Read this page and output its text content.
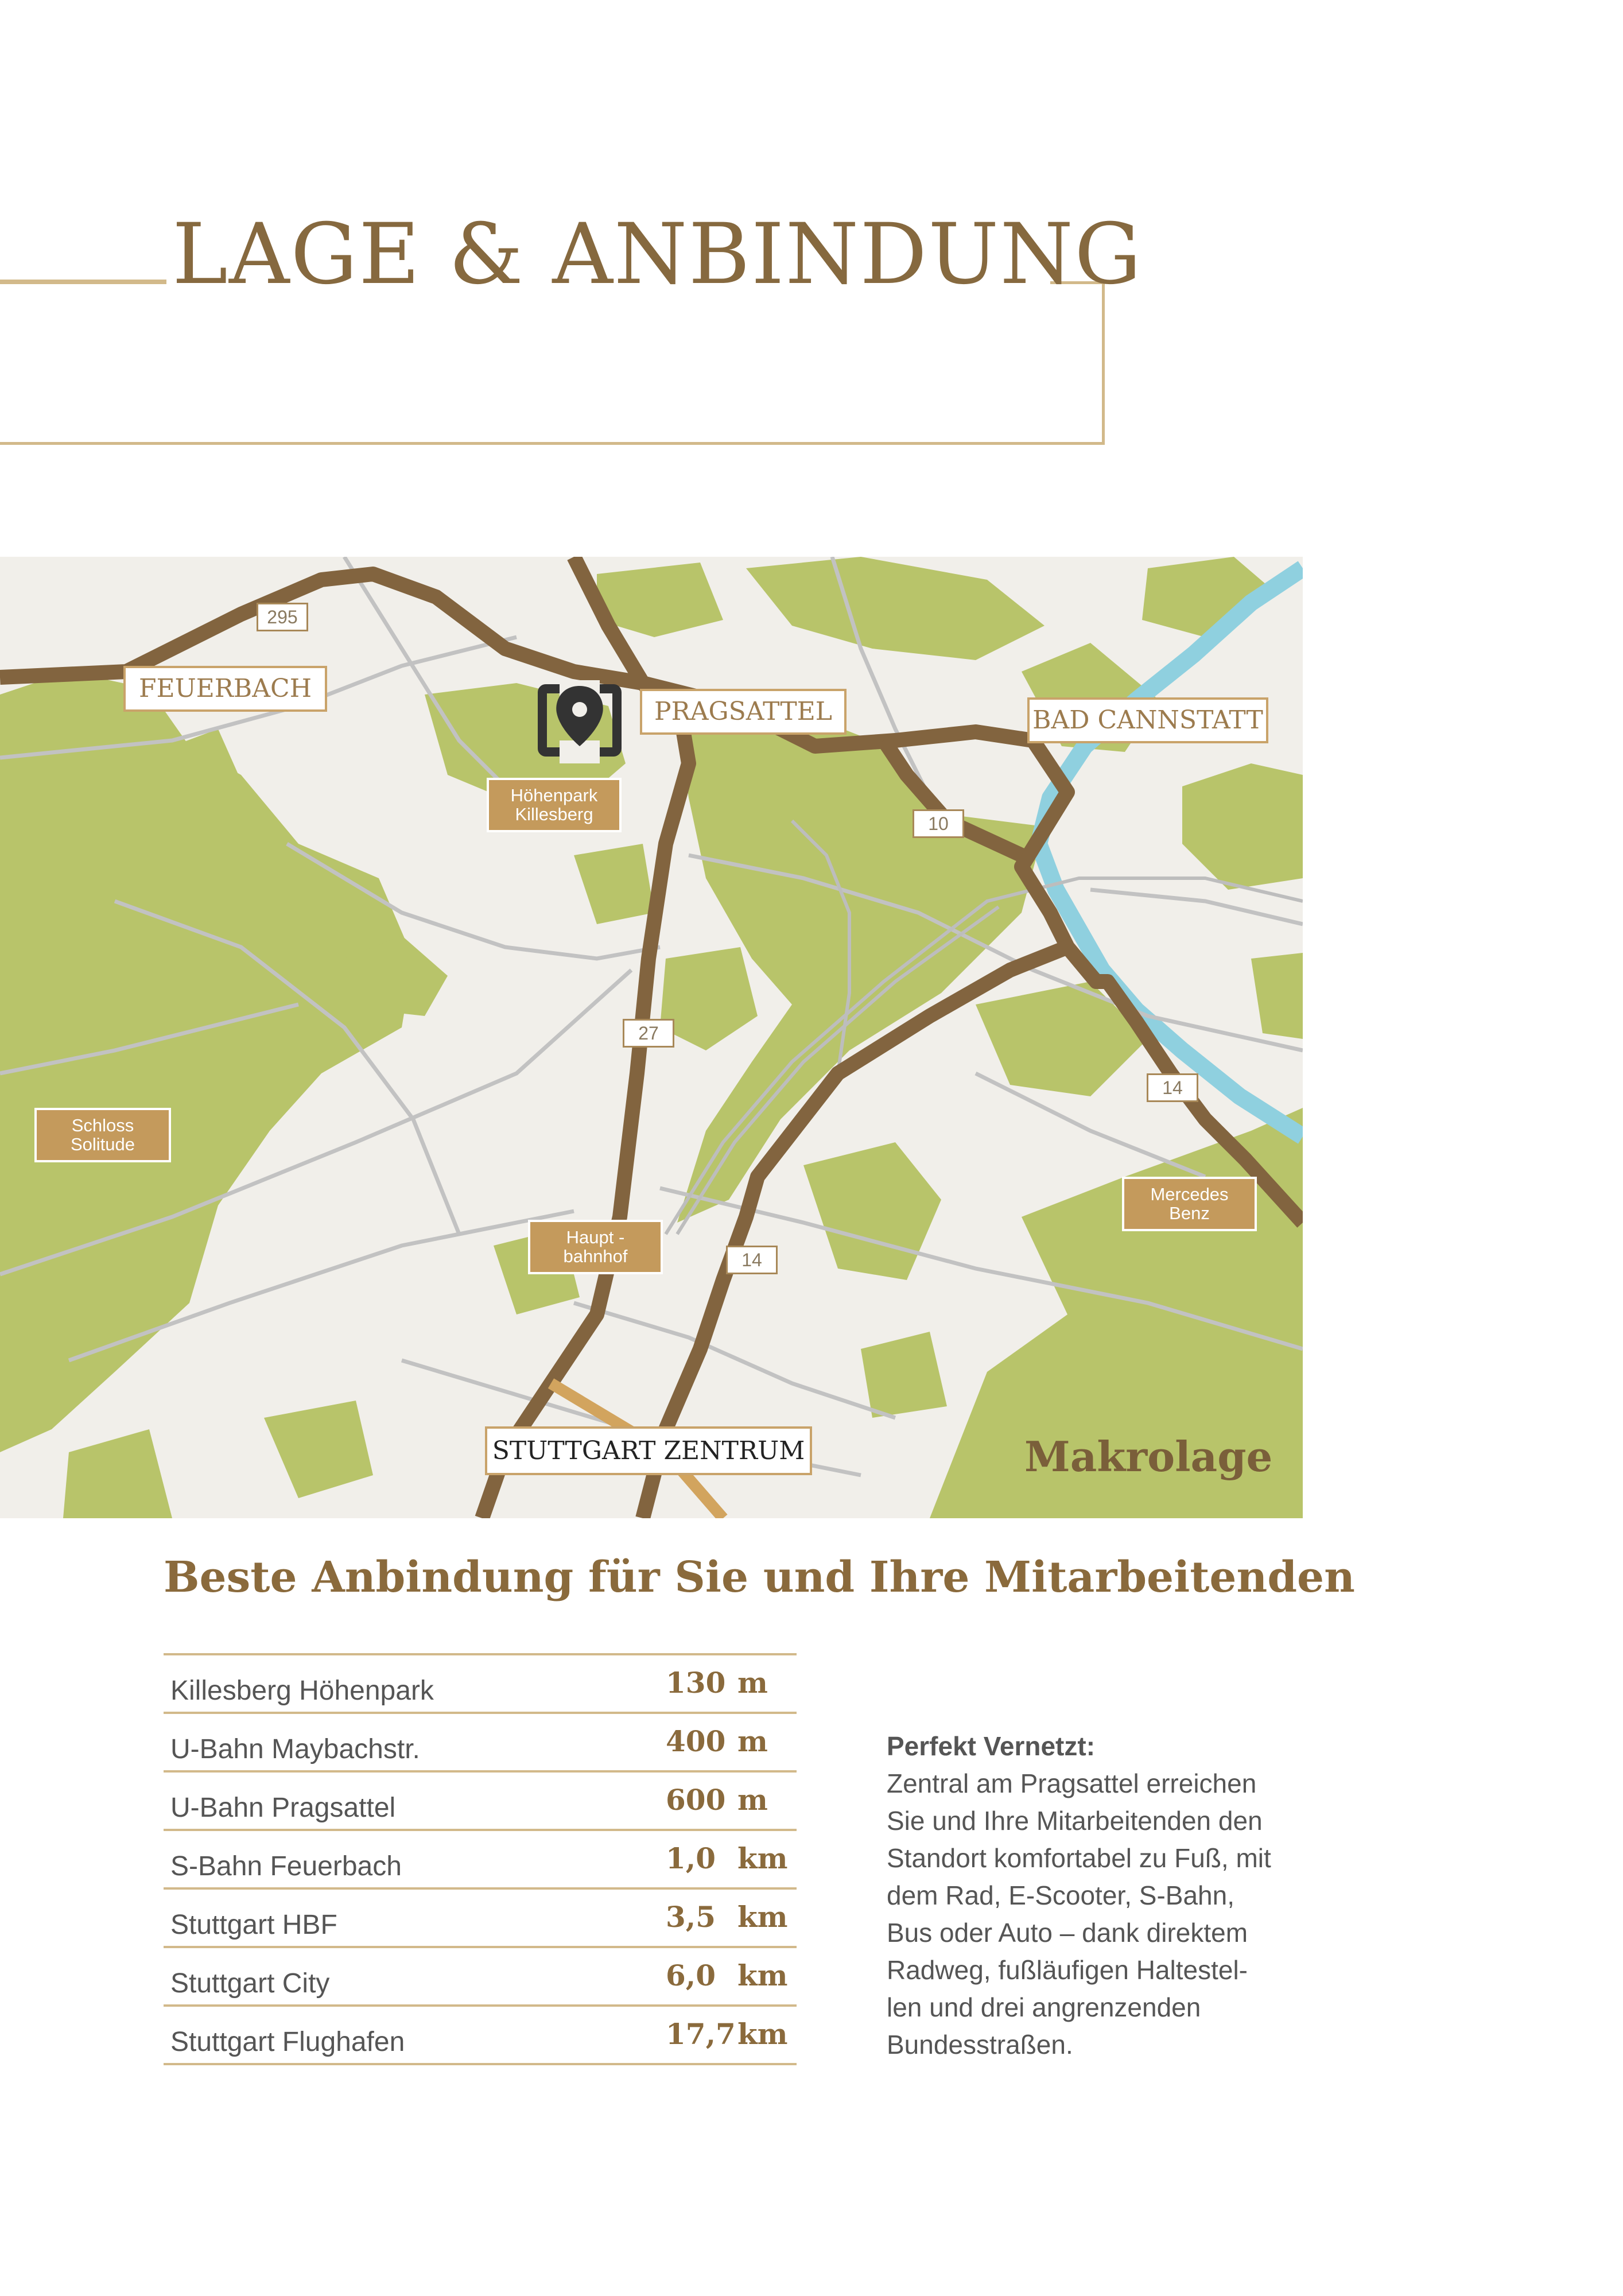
LAGE & ANBINDUNG
FEUERBACH
PRAGSATTEL	BAD CANNSTATT
STUTTGART ZENTRUM
Höhenpark
Killesberg
Schloss
Solitude
Haupt -
bahnhof
Mercedes
Benz
295
10
27
14
14
Makrolage
Beste Anbindung für Sie und Ihre Mitarbeitenden
Killesberg Höhenpark	130 m
U-Bahn Maybachstr.	400 m
U-Bahn Pragsattel	600 m
S-Bahn Feuerbach	1,0 km
Stuttgart HBF	3,5 km
Stuttgart City	6,0 km
Stuttgart Flughafen	17,7 km
Perfekt Vernetzt:
Zentral am Pragsattel erreichen
Sie und Ihre Mitarbeitenden den
Standort komfortabel zu Fuß, mit
dem Rad, E-Scooter, S-Bahn,
Bus oder Auto – dank direktem
Radweg, fußläufigen Haltestel-
len und drei angrenzenden
Bundesstraßen.
